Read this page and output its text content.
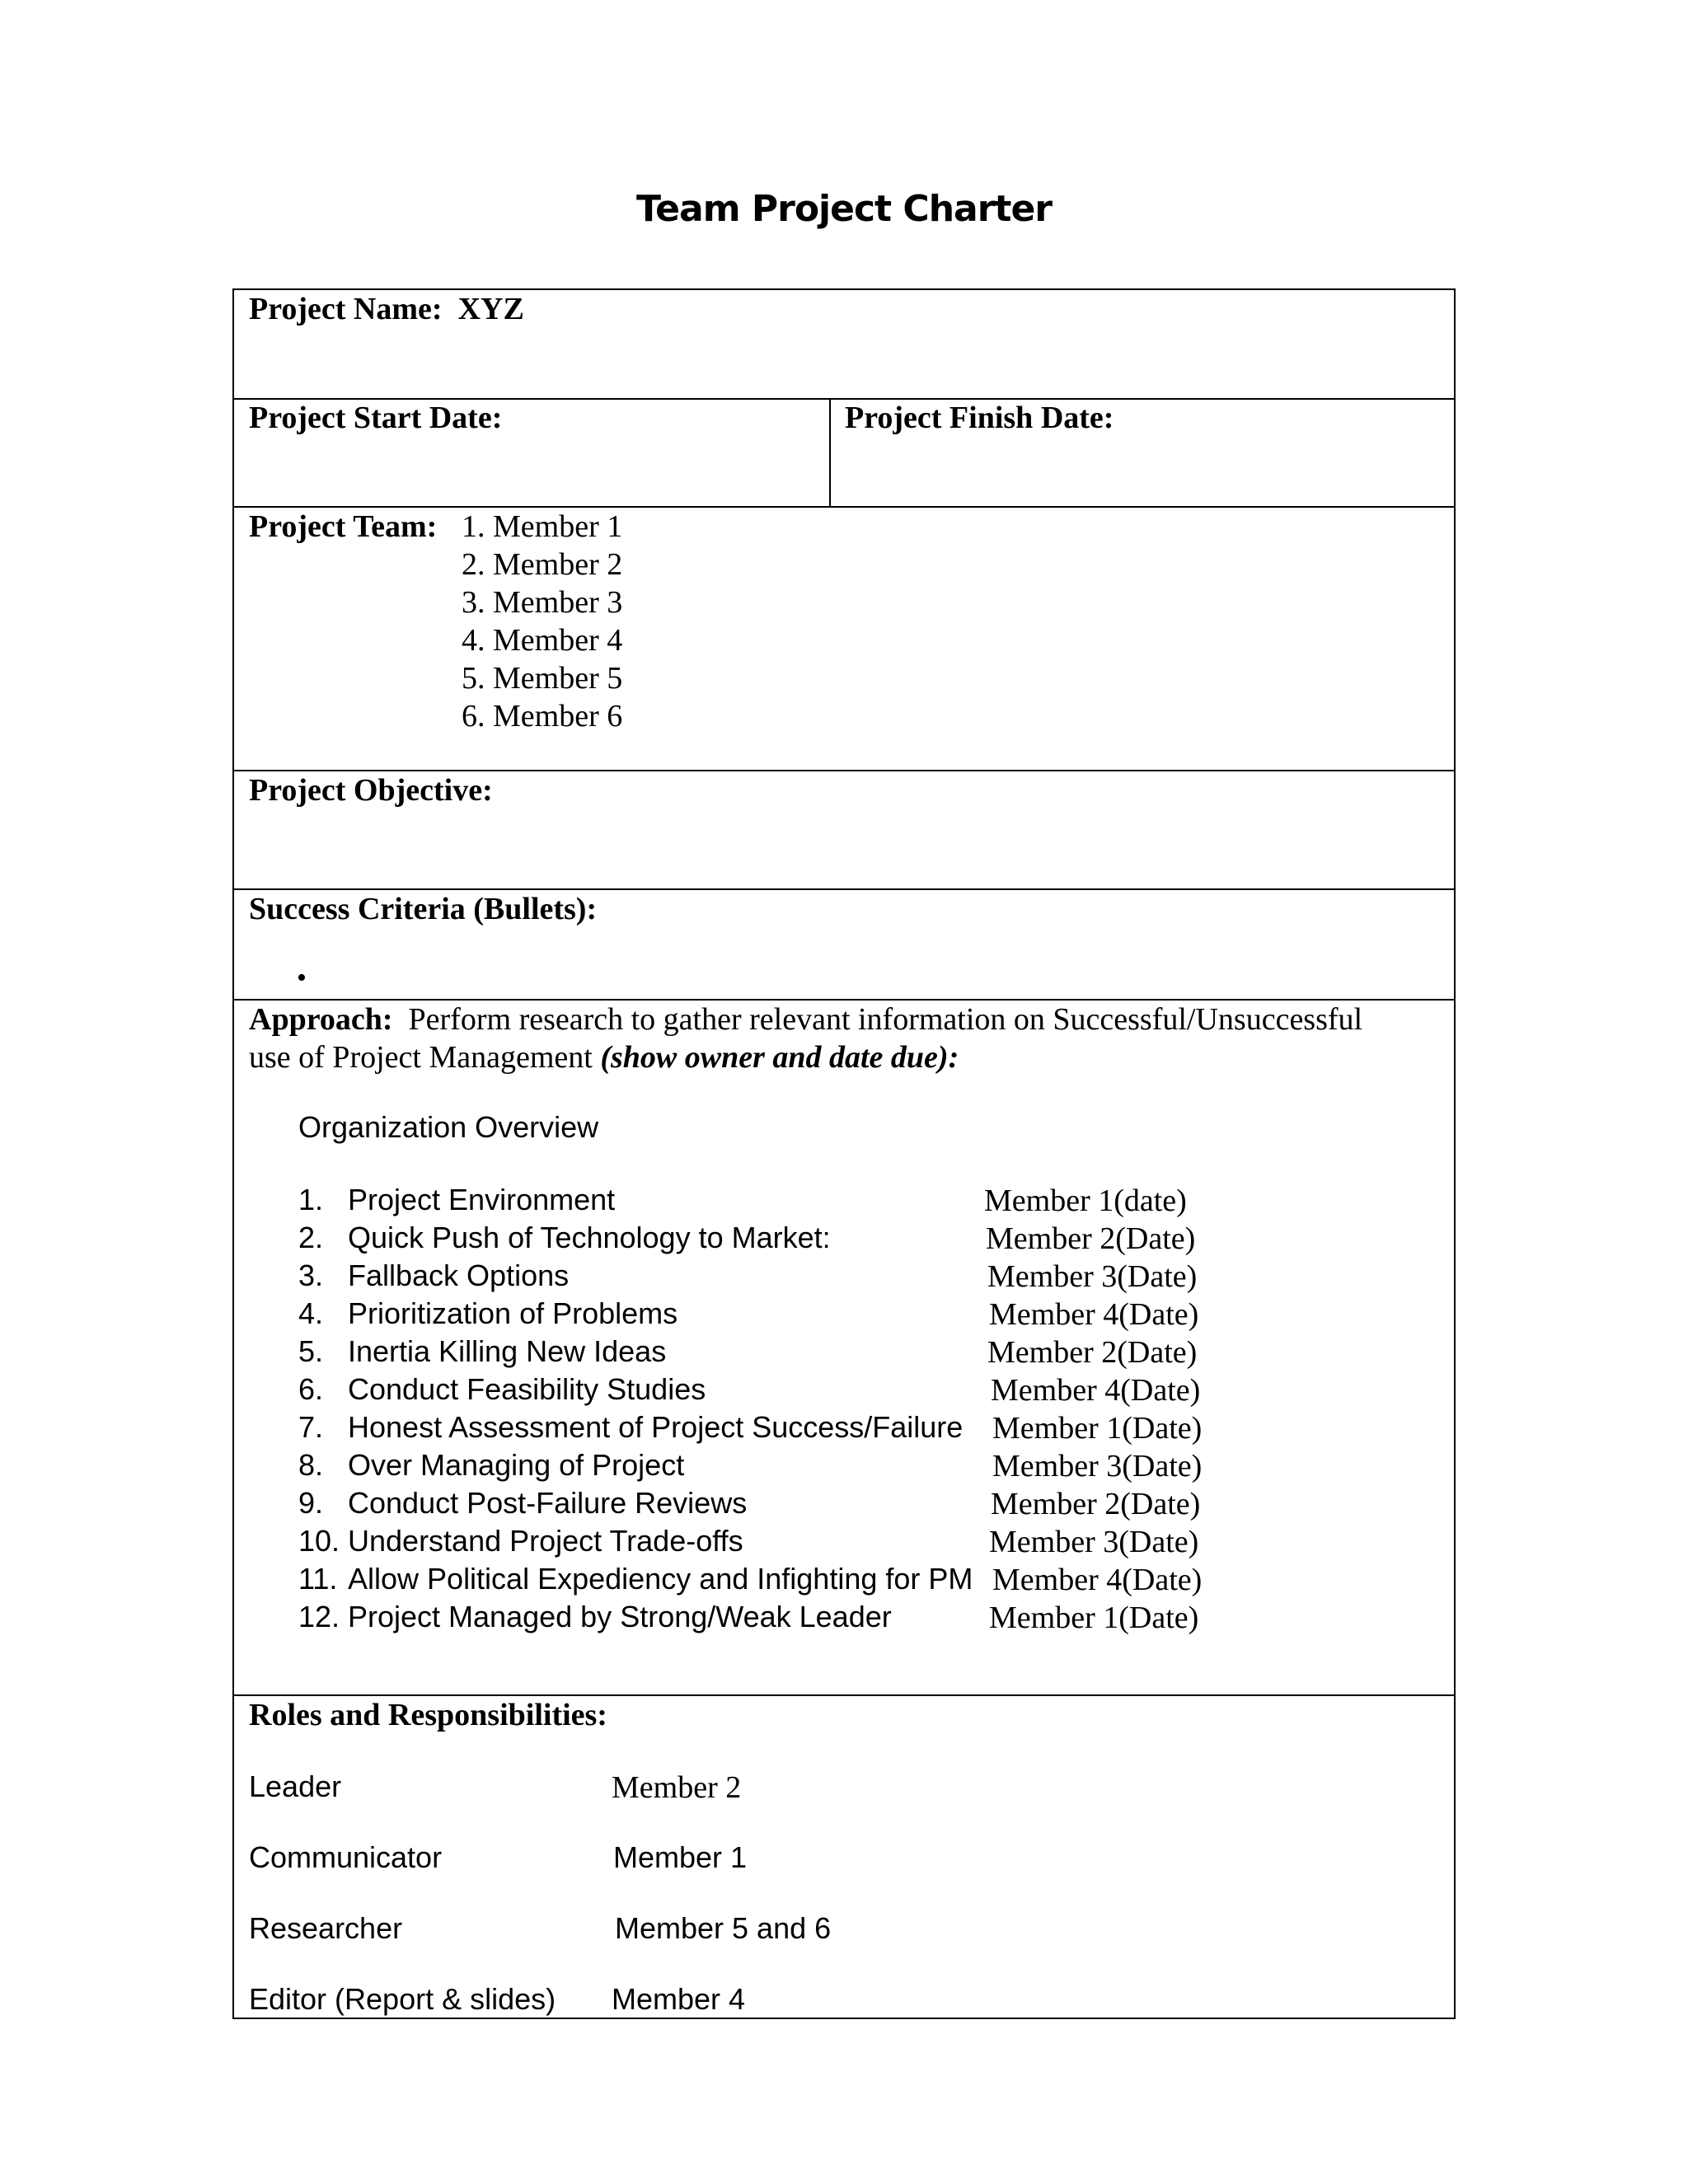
Team Project Charter
Project Name: XYZ
Project Start Date:	Project Finish Date:
Project Team: 1. Member 1
2. Member 2
3. Member 3
4. Member 4
5. Member 5
6. Member 6
Project Objective:
Success Criteria (Bullets):
•
Approach: Perform research to gather relevant information on Successful/Unsuccessful
use of Project Management (show owner and date due):
Organization Overview
1. Project Environment	Member 1(date)
2. Quick Push of Technology to Market:	Member 2(Date)
3. Fallback Options	Member 3(Date)
4. Prioritization of Problems	Member 4(Date)
5. Inertia Killing New Ideas	Member 2(Date)
6. Conduct Feasibility Studies	Member 4(Date)
7. Honest Assessment of Project Success/Failure Member 1(Date)
8. Over Managing of Project	Member 3(Date)
9. Conduct Post-Failure Reviews	Member 2(Date)
10. Understand Project Trade-offs	Member 3(Date)
11. Allow Political Expediency and Infighting for PM Member 4(Date)
12. Project Managed by Strong/Weak Leader	Member 1(Date)
Roles and Responsibilities:
Leader	Member 2
Communicator	Member 1
Researcher	Member 5 and 6
Editor (Report & slides) Member 4
